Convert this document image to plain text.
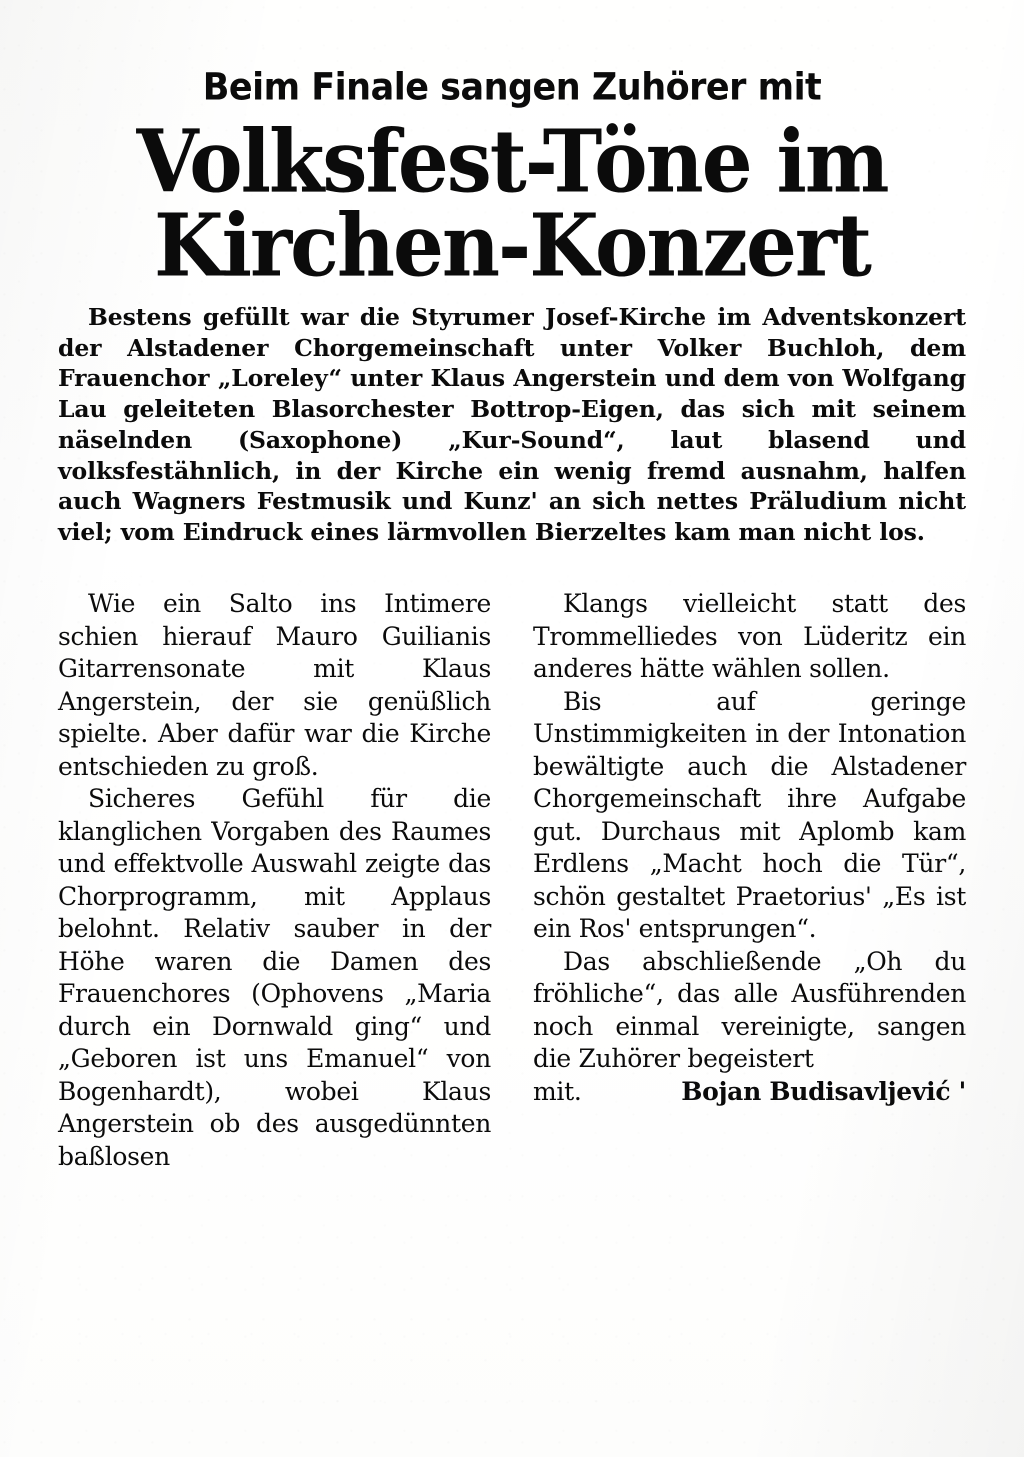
Beim Finale sangen Zuhörer mit
Volksfest-Töne im
Kirchen-Konzert

Bestens gefüllt war die Styrumer Josef-Kirche im Adventskonzert der Alstadener Chorgemeinschaft unter Volker Buchloh, dem Frauenchor „Loreley“ unter Klaus Angerstein und dem von Wolfgang Lau geleiteten Blasorchester Bottrop-Eigen, das sich mit seinem näselnden (Saxophone) „Kur-Sound“, laut blasend und volksfestähnlich, in der Kirche ein wenig fremd ausnahm, halfen auch Wagners Festmusik und Kunz' an sich nettes Präludium nicht viel; vom Eindruck eines lärmvollen Bierzeltes kam man nicht los.

Wie ein Salto ins Intimere schien hierauf Mauro Guilianis Gitarrensonate mit Klaus Angerstein, der sie genüßlich spielte. Aber dafür war die Kirche entschieden zu groß.

Sicheres Gefühl für die klanglichen Vorgaben des Raumes und effektvolle Auswahl zeigte das Chorprogramm, mit Applaus belohnt. Relativ sauber in der Höhe waren die Damen des Frauenchores (Ophovens „Maria durch ein Dornwald ging“ und „Geboren ist uns Emanuel“ von Bogenhardt), wobei Klaus Angerstein ob des ausgedünnten baßlosen

Klangs vielleicht statt des Trommelliedes von Lüderitz ein anderes hätte wählen sollen.

Bis auf geringe Unstimmigkeiten in der Intonation bewältigte auch die Alstadener Chorgemeinschaft ihre Aufgabe gut. Durchaus mit Aplomb kam Erdlens „Macht hoch die Tür“, schön gestaltet Praetorius' „Es ist ein Ros' entsprungen“.

Das abschließende „Oh du fröhliche“, das alle Ausführenden noch einmal vereinigte, sangen die Zuhörer begeistert

mit.	Bojan Budisavljević '
